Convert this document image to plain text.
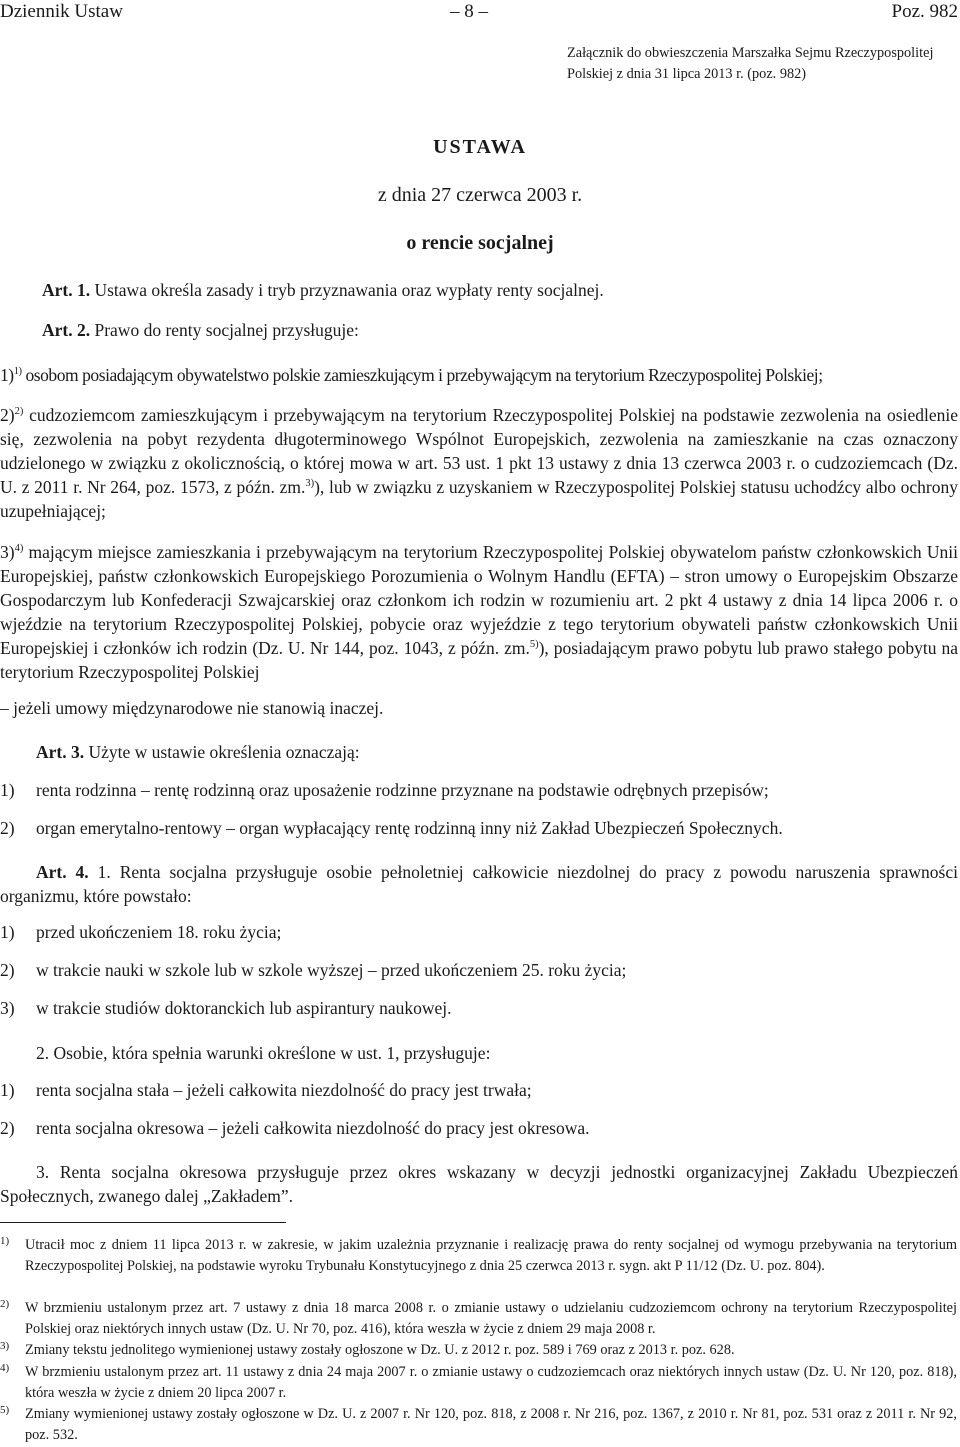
Dziennik Ustaw	– 8 –	Poz. 982
Załącznik do obwieszczenia Marszałka Sejmu Rzeczypospolitej Polskiej z dnia 31 lipca 2013 r. (poz. 982)
USTAWA
z dnia 27 czerwca 2003 r.
o rencie socjalnej

Art. 1. Ustawa określa zasady i tryb przyznawania oraz wypłaty renty socjalnej.

Art. 2. Prawo do renty socjalnej przysługuje:

1)$^{1)}$ osobom posiadającym obywatelstwo polskie zamieszkującym i przebywającym na terytorium Rzeczypospolitej Polskiej;

2)$^{2)}$ cudzoziemcom zamieszkującym i przebywającym na terytorium Rzeczypospolitej Polskiej na podstawie zezwolenia na osiedlenie się, zezwolenia na pobyt rezydenta długoterminowego Wspólnot Europejskich, zezwolenia na zamieszkanie na czas oznaczony udzielonego w związku z okolicznością, o której mowa w art. 53 ust. 1 pkt 13 ustawy z dnia 13 czerwca 2003 r. o cudzoziemcach (Dz. U. z 2011 r. Nr 264, poz. 1573, z późn. zm.$^{3)}$), lub w związku z uzyskaniem w Rzeczypospolitej Polskiej statusu uchodźcy albo ochrony uzupełniającej;

3)$^{4)}$ mającym miejsce zamieszkania i przebywającym na terytorium Rzeczypospolitej Polskiej obywatelom państw członkowskich Unii Europejskiej, państw członkowskich Europejskiego Porozumienia o Wolnym Handlu (EFTA) – stron umowy o Europejskim Obszarze Gospodarczym lub Konfederacji Szwajcarskiej oraz członkom ich rodzin w rozumieniu art. 2 pkt 4 ustawy z dnia 14 lipca 2006 r. o wjeździe na terytorium Rzeczypospolitej Polskiej, pobycie oraz wyjeździe z tego terytorium obywateli państw członkowskich Unii Europejskiej i członków ich rodzin (Dz. U. Nr 144, poz. 1043, z późn. zm.$^{5)}$), posiadającym prawo pobytu lub prawo stałego pobytu na terytorium Rzeczypospolitej Polskiej

– jeżeli umowy międzynarodowe nie stanowią inaczej.

Art. 3. Użyte w ustawie określenia oznaczają:

1) renta rodzinna – rentę rodzinną oraz uposażenie rodzinne przyznane na podstawie odrębnych przepisów;

2) organ emerytalno-rentowy – organ wypłacający rentę rodzinną inny niż Zakład Ubezpieczeń Społecznych.

Art. 4. 1. Renta socjalna przysługuje osobie pełnoletniej całkowicie niezdolnej do pracy z powodu naruszenia sprawności organizmu, które powstało:

1) przed ukończeniem 18. roku życia;

2) w trakcie nauki w szkole lub w szkole wyższej – przed ukończeniem 25. roku życia;

3) w trakcie studiów doktoranckich lub aspirantury naukowej.

2. Osobie, która spełnia warunki określone w ust. 1, przysługuje:

1) renta socjalna stała – jeżeli całkowita niezdolność do pracy jest trwała;

2) renta socjalna okresowa – jeżeli całkowita niezdolność do pracy jest okresowa.

3. Renta socjalna okresowa przysługuje przez okres wskazany w decyzji jednostki organizacyjnej Zakładu Ubezpieczeń Społecznych, zwanego dalej „Zakładem”.

1) Utracił moc z dniem 11 lipca 2013 r. w zakresie, w jakim uzależnia przyznanie i realizację prawa do renty socjalnej od wymogu przebywania na terytorium Rzeczypospolitej Polskiej, na podstawie wyroku Trybunału Konstytucyjnego z dnia 25 czerwca 2013 r. sygn. akt P 11/12 (Dz. U. poz. 804).

2) W brzmieniu ustalonym przez art. 7 ustawy z dnia 18 marca 2008 r. o zmianie ustawy o udzielaniu cudzoziemcom ochrony na terytorium Rzeczypospolitej Polskiej oraz niektórych innych ustaw (Dz. U. Nr 70, poz. 416), która weszła w życie z dniem 29 maja 2008 r.

3) Zmiany tekstu jednolitego wymienionej ustawy zostały ogłoszone w Dz. U. z 2012 r. poz. 589 i 769 oraz z 2013 r. poz. 628.

4) W brzmieniu ustalonym przez art. 11 ustawy z dnia 24 maja 2007 r. o zmianie ustawy o cudzoziemcach oraz niektórych innych ustaw (Dz. U. Nr 120, poz. 818), która weszła w życie z dniem 20 lipca 2007 r.

5) Zmiany wymienionej ustawy zostały ogłoszone w Dz. U. z 2007 r. Nr 120, poz. 818, z 2008 r. Nr 216, poz. 1367, z 2010 r. Nr 81, poz. 531 oraz z 2011 r. Nr 92, poz. 532.
